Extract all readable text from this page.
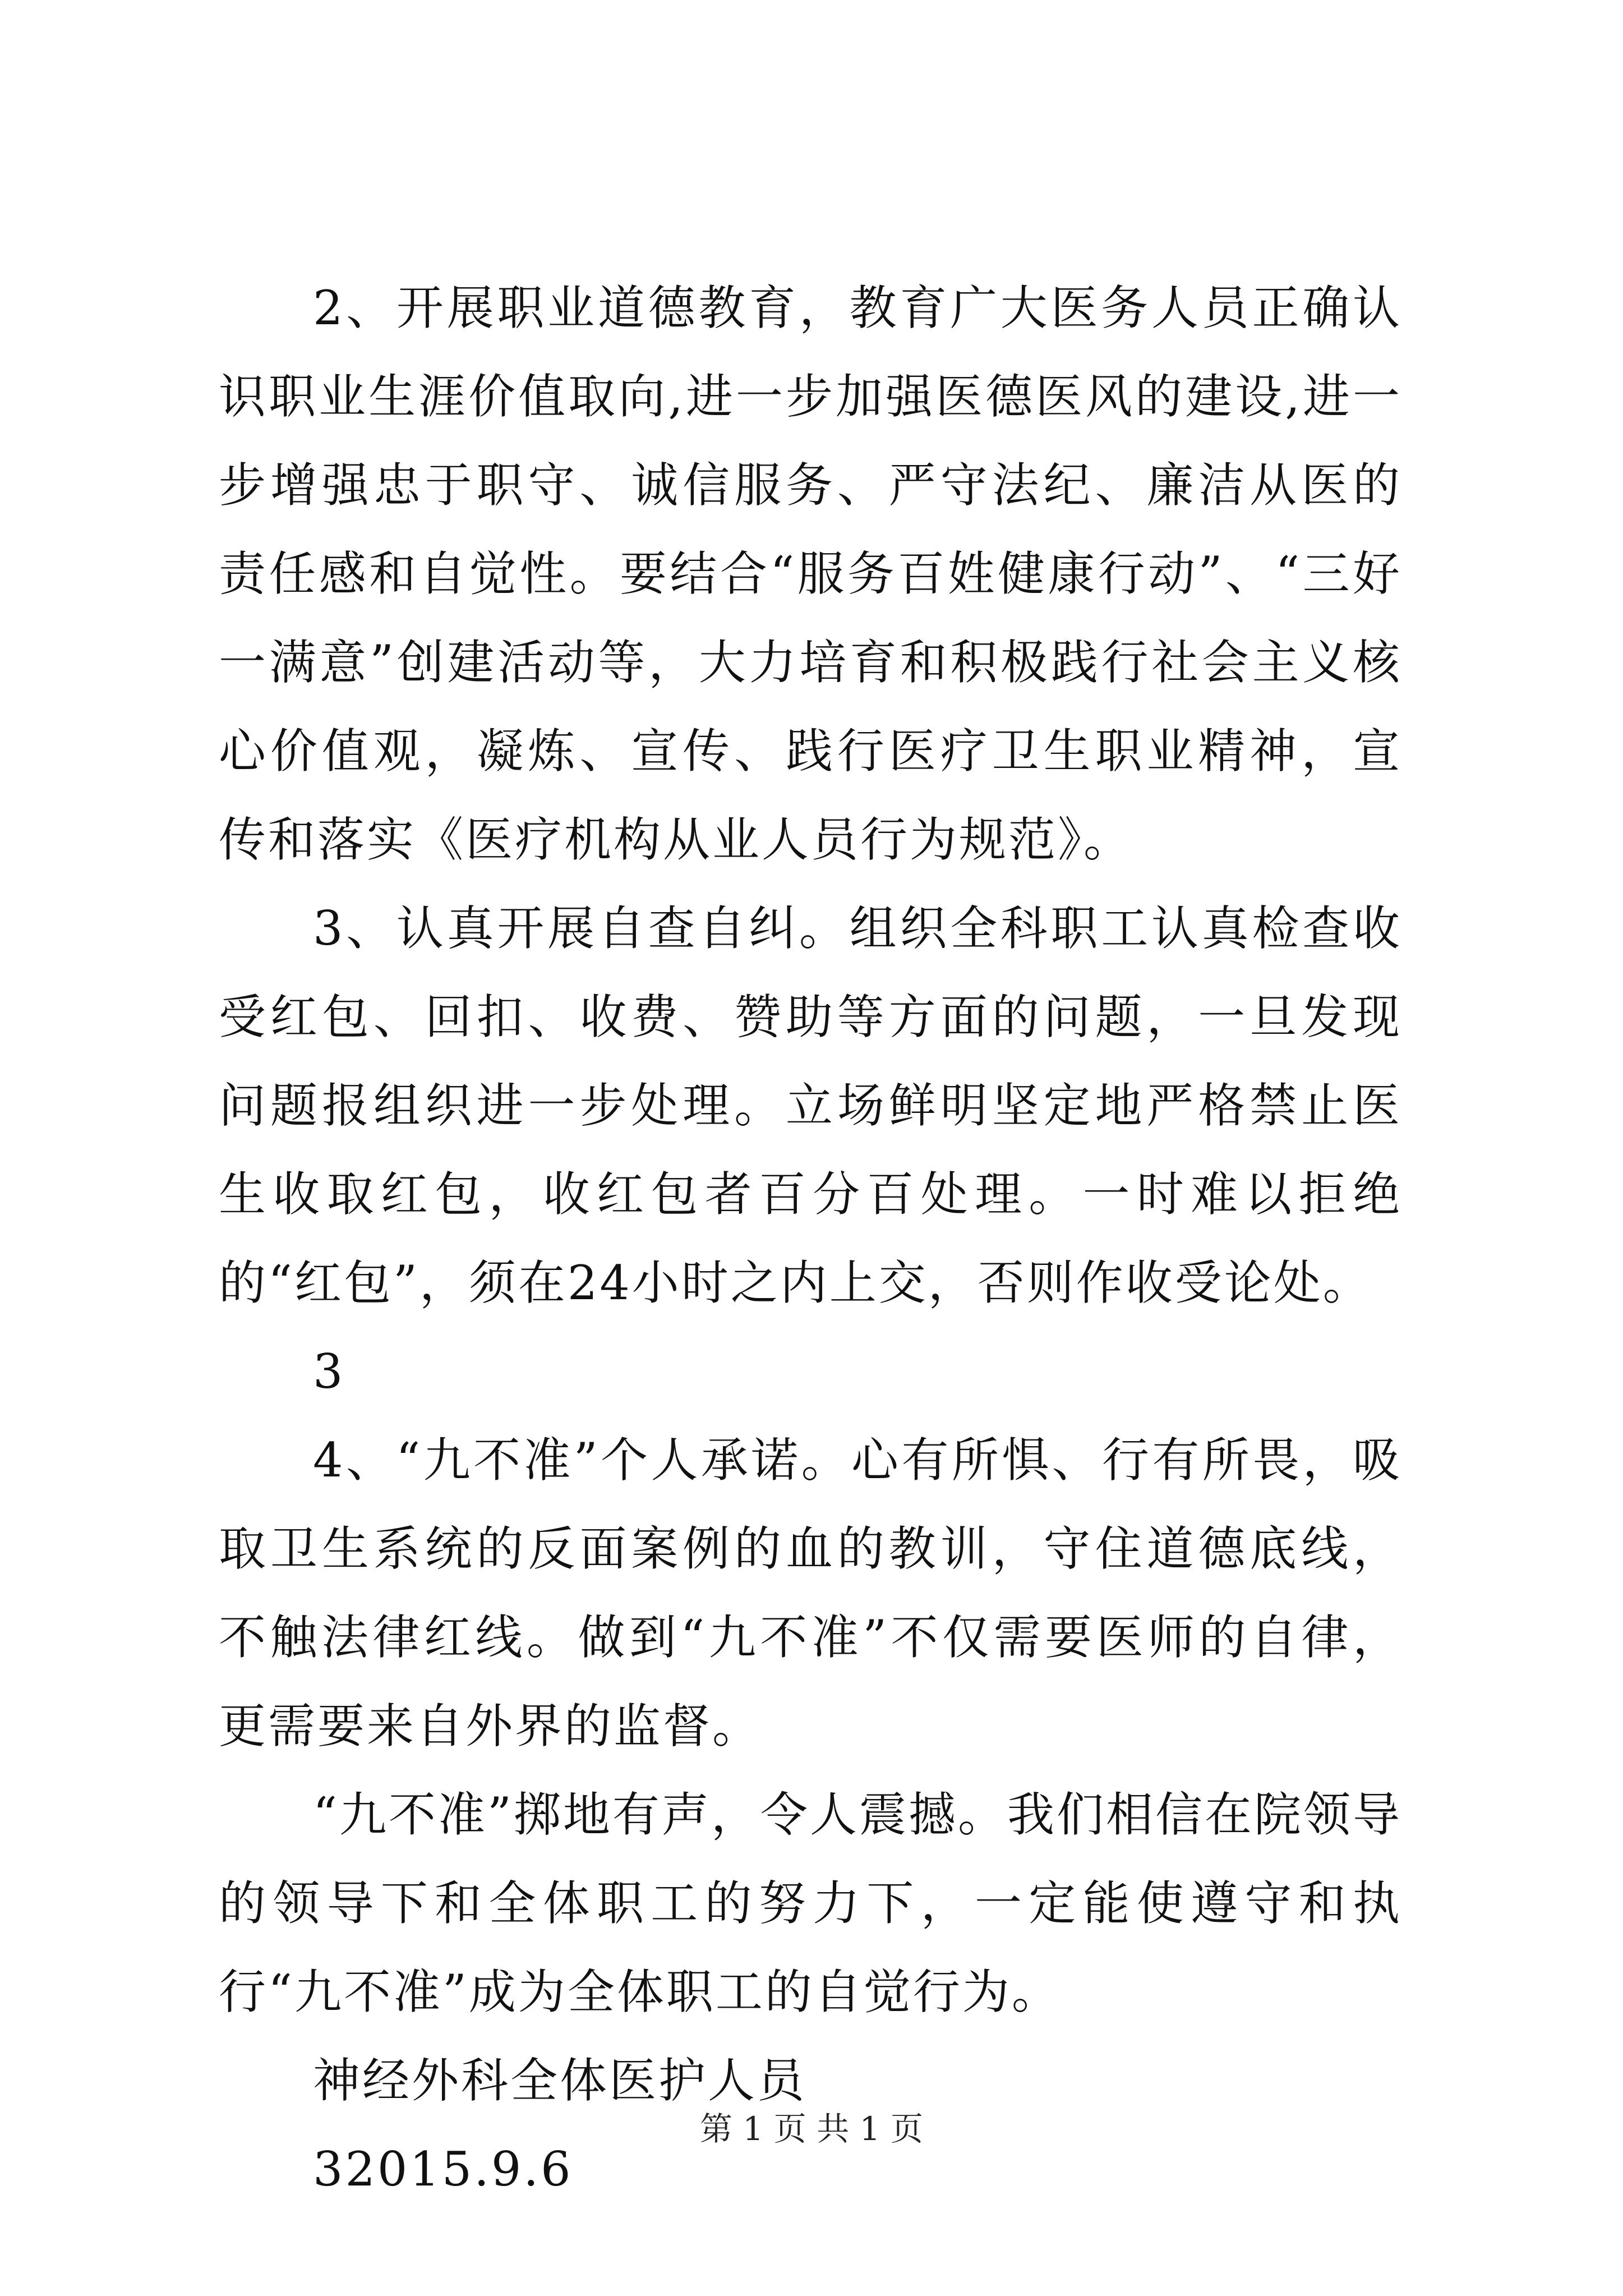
2、开展职业道德教育，教育广大医务人员正确认识职业生涯价值取向,进一步加强医德医风的建设,进一步增强忠于职守、诚信服务、严守法纪、廉洁从医的责任感和自觉性。要结合“服务百姓健康行动”、“三好一满意”创建活动等，大力培育和积极践行社会主义核心价值观，凝炼、宣传、践行医疗卫生职业精神，宣传和落实《医疗机构从业人员行为规范》。

3、认真开展自查自纠。组织全科职工认真检查收受红包、回扣、收费、赞助等方面的问题，一旦发现问题报组织进一步处理。立场鲜明坚定地严格禁止医生收取红包，收红包者百分百处理。一时难以拒绝的“红包”，须在24小时之内上交，否则作收受论处。

3

4、“九不准”个人承诺。心有所惧、行有所畏，吸取卫生系统的反面案例的血的教训，守住道德底线，不触法律红线。做到“九不准”不仅需要医师的自律，更需要来自外界的监督。

“九不准”掷地有声，令人震撼。我们相信在院领导的领导下和全体职工的努力下，一定能使遵守和执行“九不准”成为全体职工的自觉行为。

神经外科全体医护人员

32015.9.6

第 1 页 共 1 页
